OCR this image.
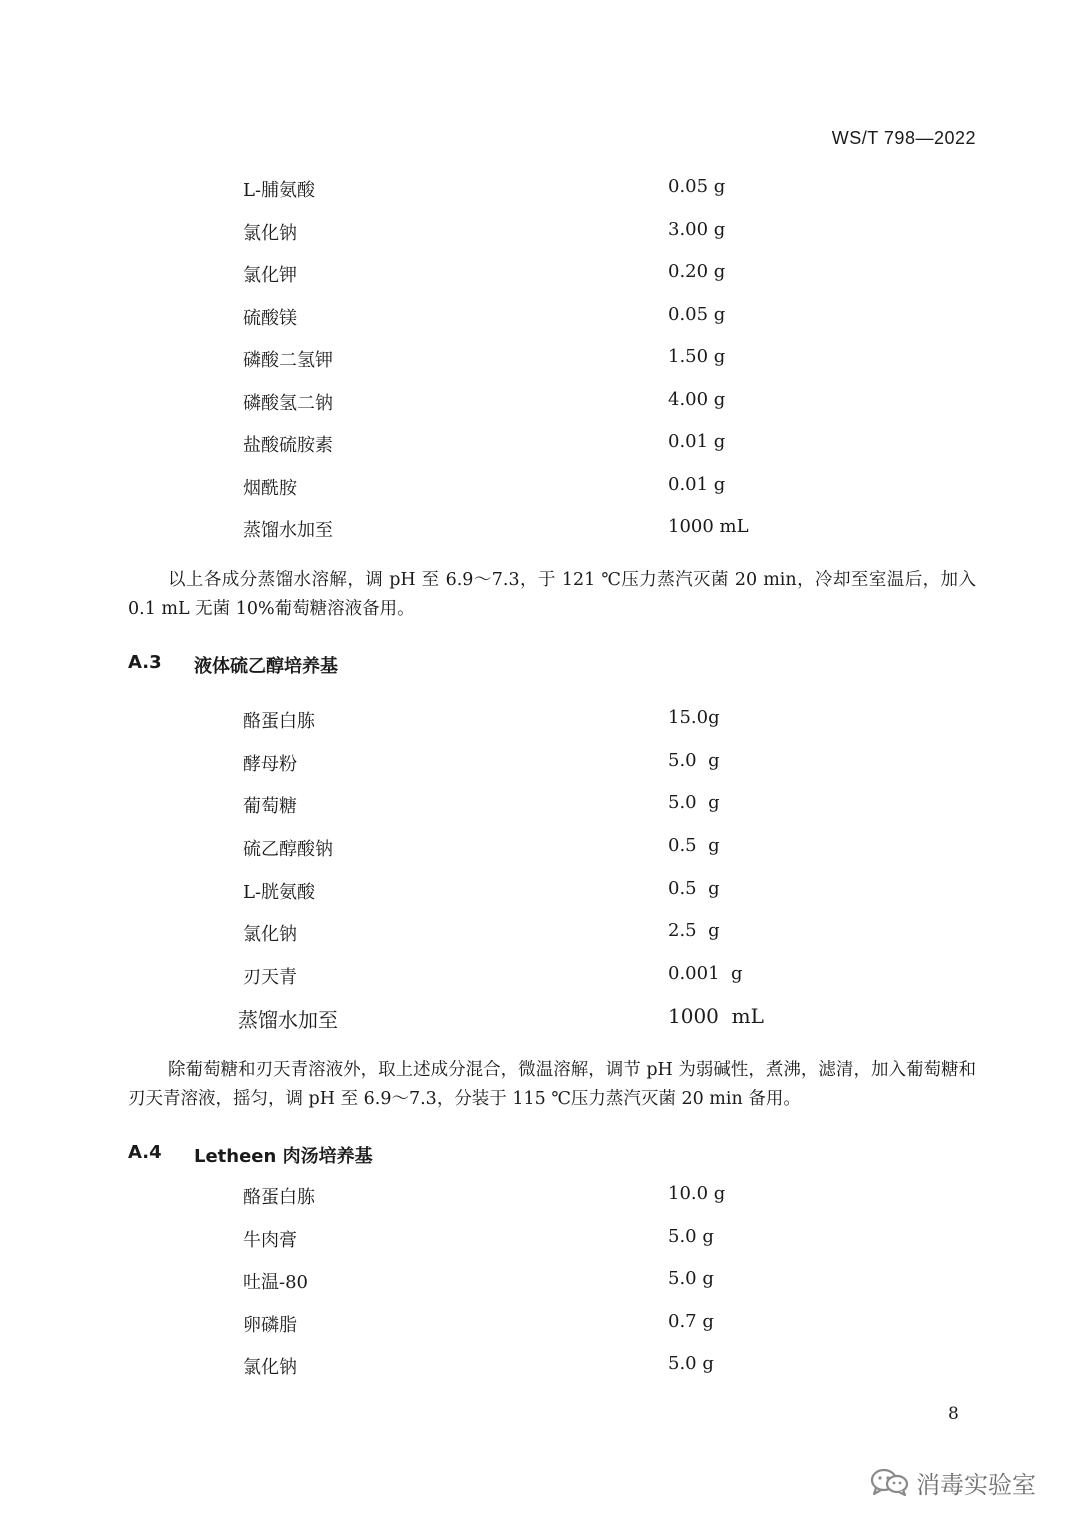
WS/T 798—2022
L-脯氨酸	0.05 g
氯化钠	3.00 g
氯化钾	0.20 g
硫酸镁	0.05 g
磷酸二氢钾	1.50 g
磷酸氢二钠	4.00 g
盐酸硫胺素	0.01 g
烟酰胺	0.01 g
蒸馏水加至	1000 mL

以上各成分蒸馏水溶解，调 pH 至 6.9～7.3，于 121 ℃压力蒸汽灭菌 20 min，冷却至室温后，加入 0.1 mL 无菌 10%葡萄糖溶液备用。

A.3 液体硫乙醇培养基
酪蛋白胨	15.0g
酵母粉	5.0  g
葡萄糖	5.0  g
硫乙醇酸钠	0.5  g
L-胱氨酸	0.5  g
氯化钠	2.5  g
刃天青	0.001  g
蒸馏水加至	1000  mL

除葡萄糖和刃天青溶液外，取上述成分混合，微温溶解，调节 pH 为弱碱性，煮沸，滤清，加入葡萄糖和刃天青溶液，摇匀，调 pH 至 6.9～7.3，分装于 115 ℃压力蒸汽灭菌 20 min 备用。

A.4 Letheen 肉汤培养基
酪蛋白胨	10.0 g
牛肉膏	5.0 g
吐温-80	5.0 g
卵磷脂	0.7 g
氯化钠	5.0 g
8
消毒实验室
